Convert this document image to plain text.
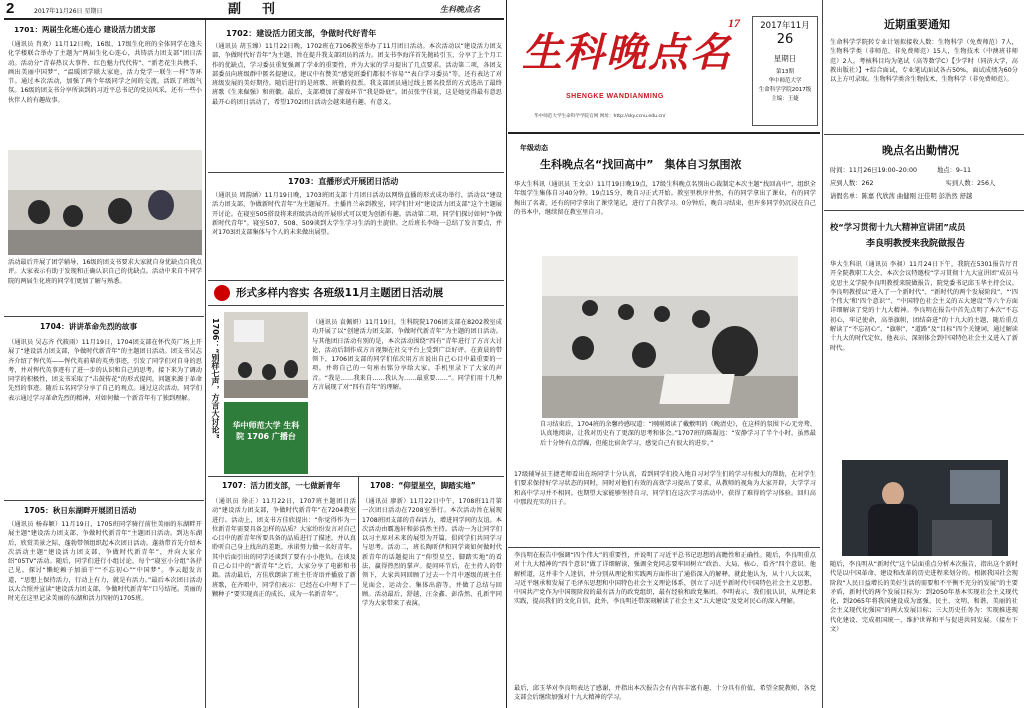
2	2017年11月26日 星期日	副　刊	生科晚点名
1701：两届生化班心连心 建设活力团支部
（通讯员 肖欢）11月12日晚，16级、17级生化班的全体同学在逸夫化学楼联合举办了主题为“两届生化心连心，共铸活力团支部”团日活动。活动分“青春热议大事件、红色魅力代代传”、“新老花生共携手，画出美丽中国梦”、“温暖团学联大家庭，活力党学一联生一样”等环节。通过本次活动，加强了两个年级同学之间的交流，活跃了班级气氛。16级的团支书分享所读到的习近平总书记的党员风采，还有一些小伙伴人的有趣故事。
活动最后开展了团学辅导，16级的团支书要求大家就自身优缺点自我点评。大家表示有助于发现和正确认识自己的优缺点。活动中来自不同学院的两届生化班的同学们更加了解与熟悉。
1704：讲讲革命先烈的故事
（通讯员 吴志齐 代筱雨）11月19日，1704团支部在怀代英广场上开展了“建设活力团支部，争做时代新青年”的主题团日活动。团支书吴志齐介绍了恽代英——恽代英前辈的英勇事迹，引发了同学们对自身的思考，并对恽代英事迹有了进一步的认识和自己的思考。接下来为了调动同学的积极性，团支书采取了“击鼓传花”的形式提问，问题来源于革命先烈的事迹。随后五名同学分享了自己的观点。通过这次活动，同学们表示通过学习革命先烈的精神，对如何做一个新青年有了独到理解。
1705：秋日东湖畔开展团日活动
（通讯员 杨春颖）11月19日，1705班同学骑行前往美丽的东湖畔开展主题“建设活力团支部，争做时代新青年”主题团日活动。到达东湖后，欣赏美景之际，蓬勃带领组织起本次团日活动。蓬勃带首先介绍本次活动主题“建设活力团支部，争做时代新青年”，并向大家介绍“05TV”活动。随后，同学们进行小组讨论，每个“寝室小分组”各抒己见。探讨“懒蛇赖子加油干”“不忘初心”“中国梦”。李云超发言道，“思想上保持活力，行动上有力，就是有活力。”最后本次团日活动以大合照并宣读“建设活力团支部，争做时代新青年”口号结尾。美丽的时光在这里记录美丽的东湖和活力四射的1705班。
1702：建设活力团支部，争做时代好青年
（通讯员 胡玉臻）11月22日晚，1702班在7106教室举办了11月团日活动。本次活动以“建设活力团支部，争做时代好青年”为主题，旨在提升我支部团员的活力。团支书李海洋首先抛砖引玉，分享了上个月工作的优缺点，学习委员重复强调了学业的重要性，并为大家的学习提出了几点要求。活动第二项，各团支部委员向班级群中匿名提建议。建议中有赞美“感觉班委们都很不容易”“表白学习委员”等，还有表达了对班级发展的美好期待。随后进行的是班歌、班徽的投票。我支部团员通过线上匿名投票的方式选出了最终班歌《生来倔强》和班徽。最后，支部增加了游戏环节“我是卧底”。团员张宇佳说，这是她觉得最有意思最开心的团日活动了，希望1702团日活动会越来越有趣、有意义。
1703：直播形式开展团日活动
（通讯员 周韵涵）11月19日晚，1703班团支部十月团日活动以网络直播的形式成功举行，活动以“建设活力团支部，争做新时代青年”为主题展开。主播肖兰亲到教室，同学们针对“建设活力团支部”这个主题展开讨论。在寝室505搭设将来班级活动的开展形式可以更为创新有趣。活动第二项，同学们探讨如何“争做新时代青年”。寝室507、508、509谈到大学生学习生活的主旋律。之后班长李绮一总结了发言要点，并对1703团支部集体与个人的未来做出展望。
形式多样内容实 各班级11月主题团日活动展
1706：“别样七声，方言大讨论”	华中师范大学 生科院 1706 广播台
（通讯员 袁佩妍）11月19日，生科院院1706团支部在8202教室成功开展了以“创建活力团支部，争做时代新青年”为主题的团日活动。与其他团日活动有别的是，本次活动围绕“四有”青年进行了方言大讨论，活动后制作成方言视频在社交平台上受到广泛好评。在黄晨的带领下，1706团支部的同学们依次用方言说出自己心目中最重要的一项。并将自己的一句座右铭分享给大家。手机里录下了大家的声音。“我是……我来自……我认为……最重要……”。同学们用十几种方言展现了对“四有青年”的理解。
1707：活力团支部，一七做新青年
（通讯员 徐正）11月22日，1707班主题团日活动“建设活力团支部，争做时代新青年”在7204教室进行。活动上，团支书方佳欣提出：“你觉得作为一位新青年需要具备怎样的品质？大家纷纷发言对自己心目中的新青年所要具备的品质进行了描述，并认真聆听自己身上找出的差距，承诺努力做一名好青年。其中后面引出的同学还谈到了要有小小抱负。在谈及自己心目中的“新青年”之后，大家分享了电影和书籍。活动最后，方佳欣朗读了班主任寄语并播放了新班歌，在齐唱中，同学们表示：已经在心中埋下了一颗种子“要实现真正的成长，成为一名新青年”。
1708：“仰望星空，脚踏实地”
（通讯员 廖新）11月22日中午，1708班11月第一次团日活动在7208室举行。本次活动旨在展现1708班团支部的青春活力，增进同学间的友谊。本次活动由霸逸轩和彭浩然主持。活动一为让同学们以习主席对未来的展望为开篇，俱问学们共同学习与思考。活动二，班长陶昕伊和同学谈如何做时代新青年的话题提出了“仰望星空，脚踏实地”的看法，赢得热烈的掌声。提问环节后，在主持人的带领下，大家共同回顾了过去一个月中逐级的班主任见面会、运动会、集体出游等，并做了总结与回顾。活动最后，舒越、汪金鑫、彭浩然、孔新宇同学为大家带来了表演。
生科晚点名
17
SHENGKE WANDIANMING
华中师范大学生命科学学院官网 网址：http://sky.ccnu.edu.cn/
2017年11月
26
星期日
第13期
华中师范大学
生命科学学院2017级
主编：王婕
年级动态
生科晚点名“找回高中”　集体自习氛围浓
华大生科讯（通讯员 王文卓）11月19日晚19点，17级生科晚点名别出心裁制定本次主题“找回高中”，组织全年级学生集体自习40分钟。19点15分，晚自习正式开始。教室里秩序井然，有的同学拿出了课业，有的同学掏出了名著，还有的同学拿出了课堂笔记，进行了自我学习。0分钟后，晚自习结束，但许多同学仍沉浸在自己的书本中，继续留在教室里自习。
自习结束后，1704班的余馨玲感叹道：“刚刚阅读了戴敷明的《晚清史》，在这样的氛围下心无旁骛、认真地阅读，让我对历史有了更深的思考和体会。”1707班的陈凝远：“安静学习了半个小时，虽然最后十分钟有点浮躁，但能比宿舍学习，感觉自己有很大的进步。”
17级辅导员王捷老师看出在场同学十分认真，看到同学们投入地自习对学生们的学习有极大的帮助，在对学生们要求保持好学习状态的同时，同时对他们有效的高效学习提出了要求，从教师的视角为大家开辟，大学学习和高中学习并不相同。也期望大家能够坚持自习，同学们在这次学习活动中，获得了难得的学习体验。回归高中那段充实的日子。
李良明在报告中强调“四个伟大”的重要性，并说明了习近平总书记思想的高瞻性和正确性。随后，李良明重点对十九大精神的“四个意识”做了详细解读，强调全党同志要牢固树立“政治、大局、核心、看齐”四个意识。他解析道，这并非个人迷信，并分别从理论和实践两方面作出了通俗深入的解释。就此他认为，从十八大以来，习近平继承和发展了毛泽东思想和中国特色社会主义理论体系，创立了习近平新时代中国特色社会主义思想。中国共产党作为中国现阶段的最有活力的政党组织，最有经验和政党集团。李明表示，我们很认识，从理论来实践，提高我们的文化自信，此外，李良明还带深刻解读了社会主义“五大建设”及党对民心的深入理解。
最后，邱玉华对李良明表达了感谢，并指出本次报告会有内容丰富有趣，十分具有价值，希望全院教师、各党支部会后继续加强对十九大精神的学习。
近期重要通知
生命科学学院转专业计划拟接收人数：生物科学（免费师范）7人，生物科学类（非师范、非免费师范）15人，生物技术（中澳班非师范）2人。考核科目均为笔试（高等数学C）【少学时（同济大学，高教出版社）】+综合面试，专业笔试面试各占50%，面试成绩为60分以上方可录取。生物科学类含生物技术、生物科学（非免费师范）。
晚点名出勤情况
时间：11月26日19:00–20:00	地点：9–11
应到人数：262	实到人数：256人
请假名单：陈嘉 代欣茜 曲健刚 汪佳明 彭浩然 舒越
校“学习贯彻十九大精神宣讲团”成员
李良明教授来我院做报告
华大生科讯（通讯员 李昶）11月24日下午，我院在5301报告厅召开全院教职工大会，本次会议特邀校“学习贯彻十九大宣讲团”成员马克思主义学院李良明教授来院做报告，院党委书记邱玉华主持会议。李良明教授以“进入了一个新时代”、“新时代的两个发展阶段”、“‘四个伟大’和‘四个意识’”、“中国特色社会主义的五大建设”等六个方面详细解读了党的十九大精神。李良明在报告中首先点明了本次“不忘初心，牢记使命，高举旗帜，团结奋进”的十九大的主题，随后重点解读了“不忘初心”、“旗帜”、“道路”及“目标”四个关键词，通过解读十九大的时代定位，他表示，深刻体会到中国特色社会主义进入了新时代。
随后，李良明从“新时代”这个层面重点分析本次报告，指出这个新时代是以中国革命、建设和改革的历史进程来划分的。根据我国社会现阶段“人民日益增长的美好生活的需要和不平衡不充分的发展”的主要矛盾，新时代的两个发展目标为：到2050年基本实现社会主义现代化，到2065年将我国建设成为富强、民主、文明、和谐、美丽的社会主义现代化强国”的两大发展目标；三大历史任务为：实现推进现代化建设、完成祖国统一、维护世界和平与促进共同发展。（接左下文）
